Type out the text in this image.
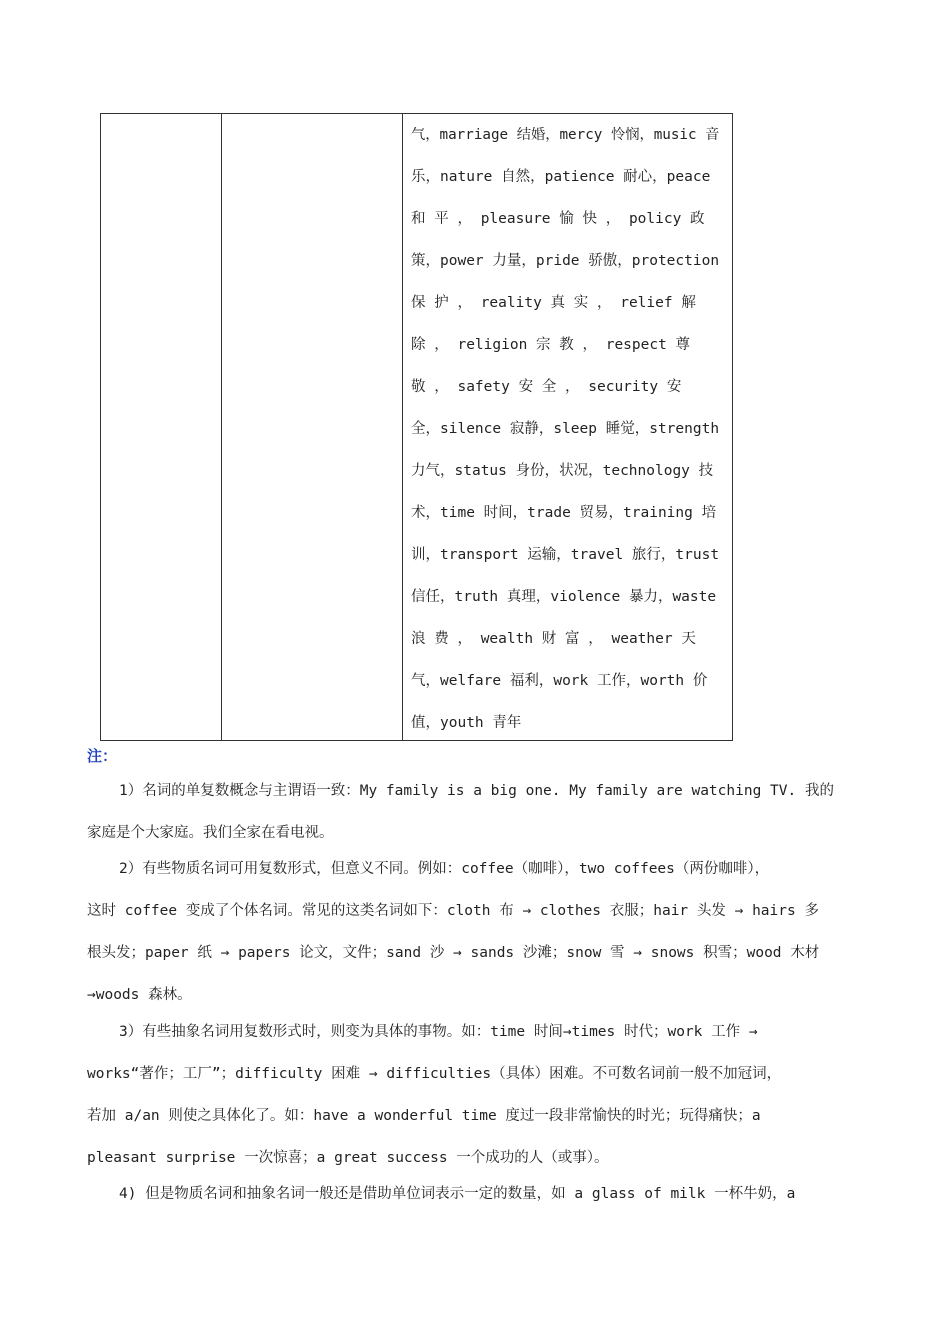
气，marriage 结婚，mercy 怜悯，music 音
乐，nature 自然，patience 耐心，peace
和 平 ， pleasure 愉 快 ， policy 政
策，power 力量，pride 骄傲，protection
保 护 ， reality 真 实 ， relief 解
除 ， religion 宗 教 ， respect 尊
敬 ， safety 安 全 ， security 安
全，silence 寂静，sleep 睡觉，strength
力气，status 身份，状况，technology 技
术，time 时间，trade 贸易，training 培
训，transport 运输，travel 旅行，trust
信任，truth 真理，violence 暴力，waste
浪 费 ， wealth 财 富 ， weather 天
气，welfare 福利，work 工作，worth 价
值，youth 青年
注：
1）名词的单复数概念与主谓语一致：My family is a big one. My family are watching TV. 我的
家庭是个大家庭。我们全家在看电视。
2）有些物质名词可用复数形式，但意义不同。例如：coffee（咖啡），two coffees（两份咖啡），
这时 coffee 变成了个体名词。常见的这类名词如下：cloth 布 → clothes 衣服；hair 头发 → hairs 多
根头发；paper 纸 → papers 论文，文件；sand 沙 → sands 沙滩；snow 雪 → snows 积雪；wood 木材
→woods 森林。
3）有些抽象名词用复数形式时，则变为具体的事物。如：time 时间→times 时代；work 工作 →
works“著作；工厂”；difficulty 困难 → difficulties（具体）困难。不可数名词前一般不加冠词，
若加 a/an 则使之具体化了。如：have a wonderful time 度过一段非常愉快的时光；玩得痛快；a
pleasant surprise 一次惊喜；a great success 一个成功的人（或事）。
4) 但是物质名词和抽象名词一般还是借助单位词表示一定的数量，如 a glass of milk 一杯牛奶，a
